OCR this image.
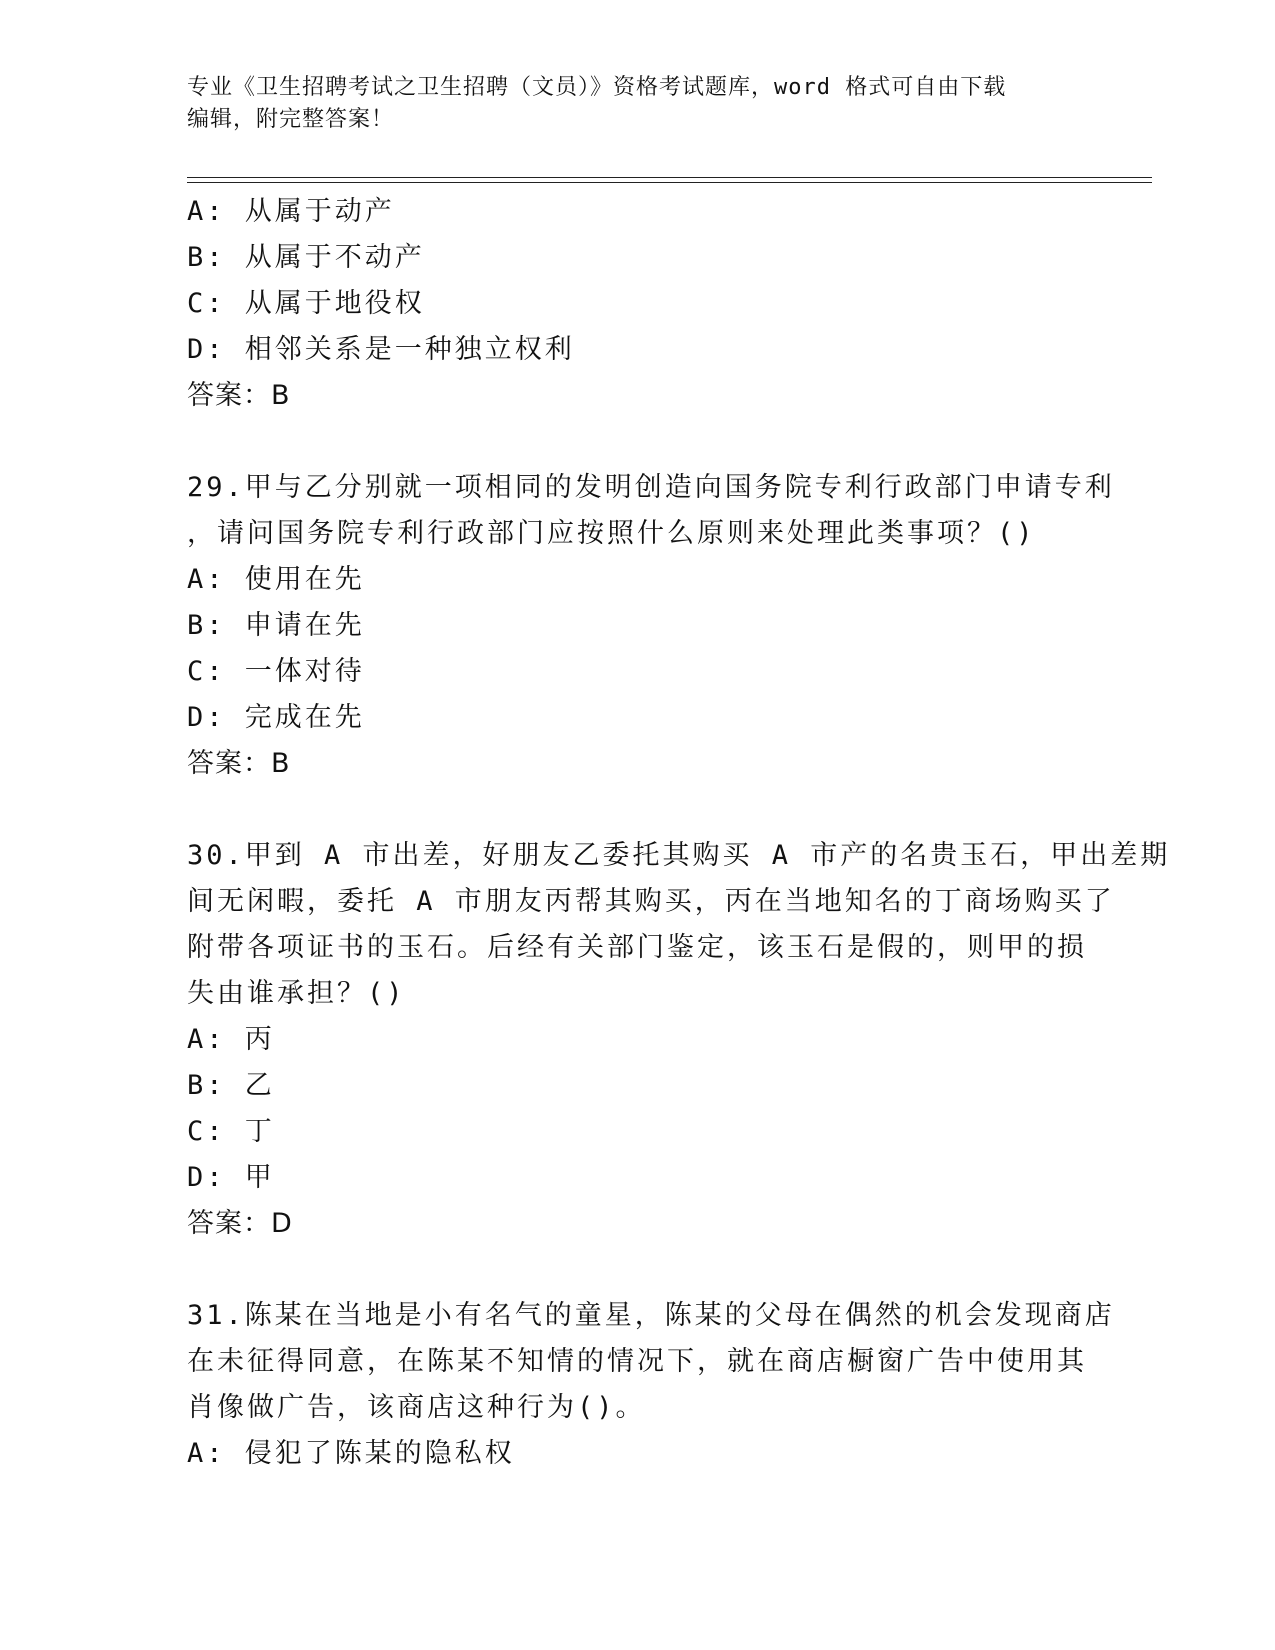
专业《卫生招聘考试之卫生招聘（文员）》资格考试题库，word 格式可自由下载
编辑，附完整答案！
A: 从属于动产
B: 从属于不动产
C: 从属于地役权
D: 相邻关系是一种独立权利
答案：B
29.甲与乙分别就一项相同的发明创造向国务院专利行政部门申请专利
，请问国务院专利行政部门应按照什么原则来处理此类事项？()
A: 使用在先
B: 申请在先
C: 一体对待
D: 完成在先
答案：B
30.甲到 A 市出差，好朋友乙委托其购买 A 市产的名贵玉石，甲出差期
间无闲暇，委托 A 市朋友丙帮其购买，丙在当地知名的丁商场购买了
附带各项证书的玉石。后经有关部门鉴定，该玉石是假的，则甲的损
失由谁承担？()
A: 丙
B: 乙
C: 丁
D: 甲
答案：D
31.陈某在当地是小有名气的童星，陈某的父母在偶然的机会发现商店
在未征得同意，在陈某不知情的情况下，就在商店橱窗广告中使用其
肖像做广告，该商店这种行为()。
A: 侵犯了陈某的隐私权
